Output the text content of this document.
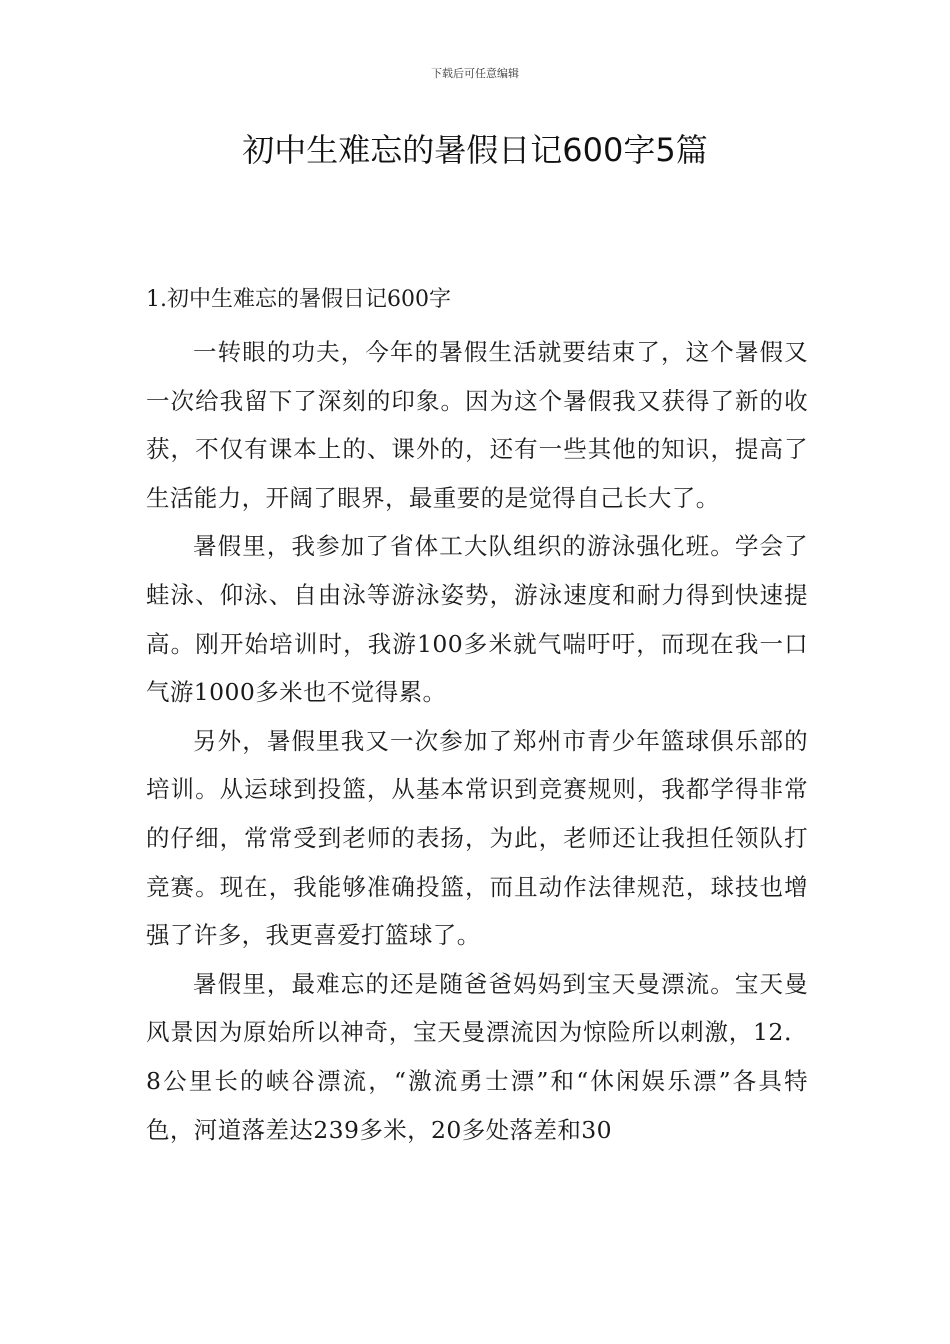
下载后可任意编辑
初中生难忘的暑假日记600字5篇
1.初中生难忘的暑假日记600字

一转眼的功夫，今年的暑假生活就要结束了，这个暑假又一次给我留下了深刻的印象。因为这个暑假我又获得了新的收获，不仅有课本上的、课外的，还有一些其他的知识，提高了生活能力，开阔了眼界，最重要的是觉得自己长大了。

暑假里，我参加了省体工大队组织的游泳强化班。学会了蛙泳、仰泳、自由泳等游泳姿势，游泳速度和耐力得到快速提高。刚开始培训时，我游100多米就气喘吁吁，而现在我一口气游1000多米也不觉得累。

另外，暑假里我又一次参加了郑州市青少年篮球俱乐部的培训。从运球到投篮，从基本常识到竞赛规则，我都学得非常的仔细，常常受到老师的表扬，为此，老师还让我担任领队打竞赛。现在，我能够准确投篮，而且动作法律规范，球技也增强了许多，我更喜爱打篮球了。

暑假里，最难忘的还是随爸爸妈妈到宝天曼漂流。宝天曼风景因为原始所以神奇，宝天曼漂流因为惊险所以刺激，12．8公里长的峡谷漂流，“激流勇士漂”和“休闲娱乐漂”各具特色，河道落差达239多米，20多处落差和30
